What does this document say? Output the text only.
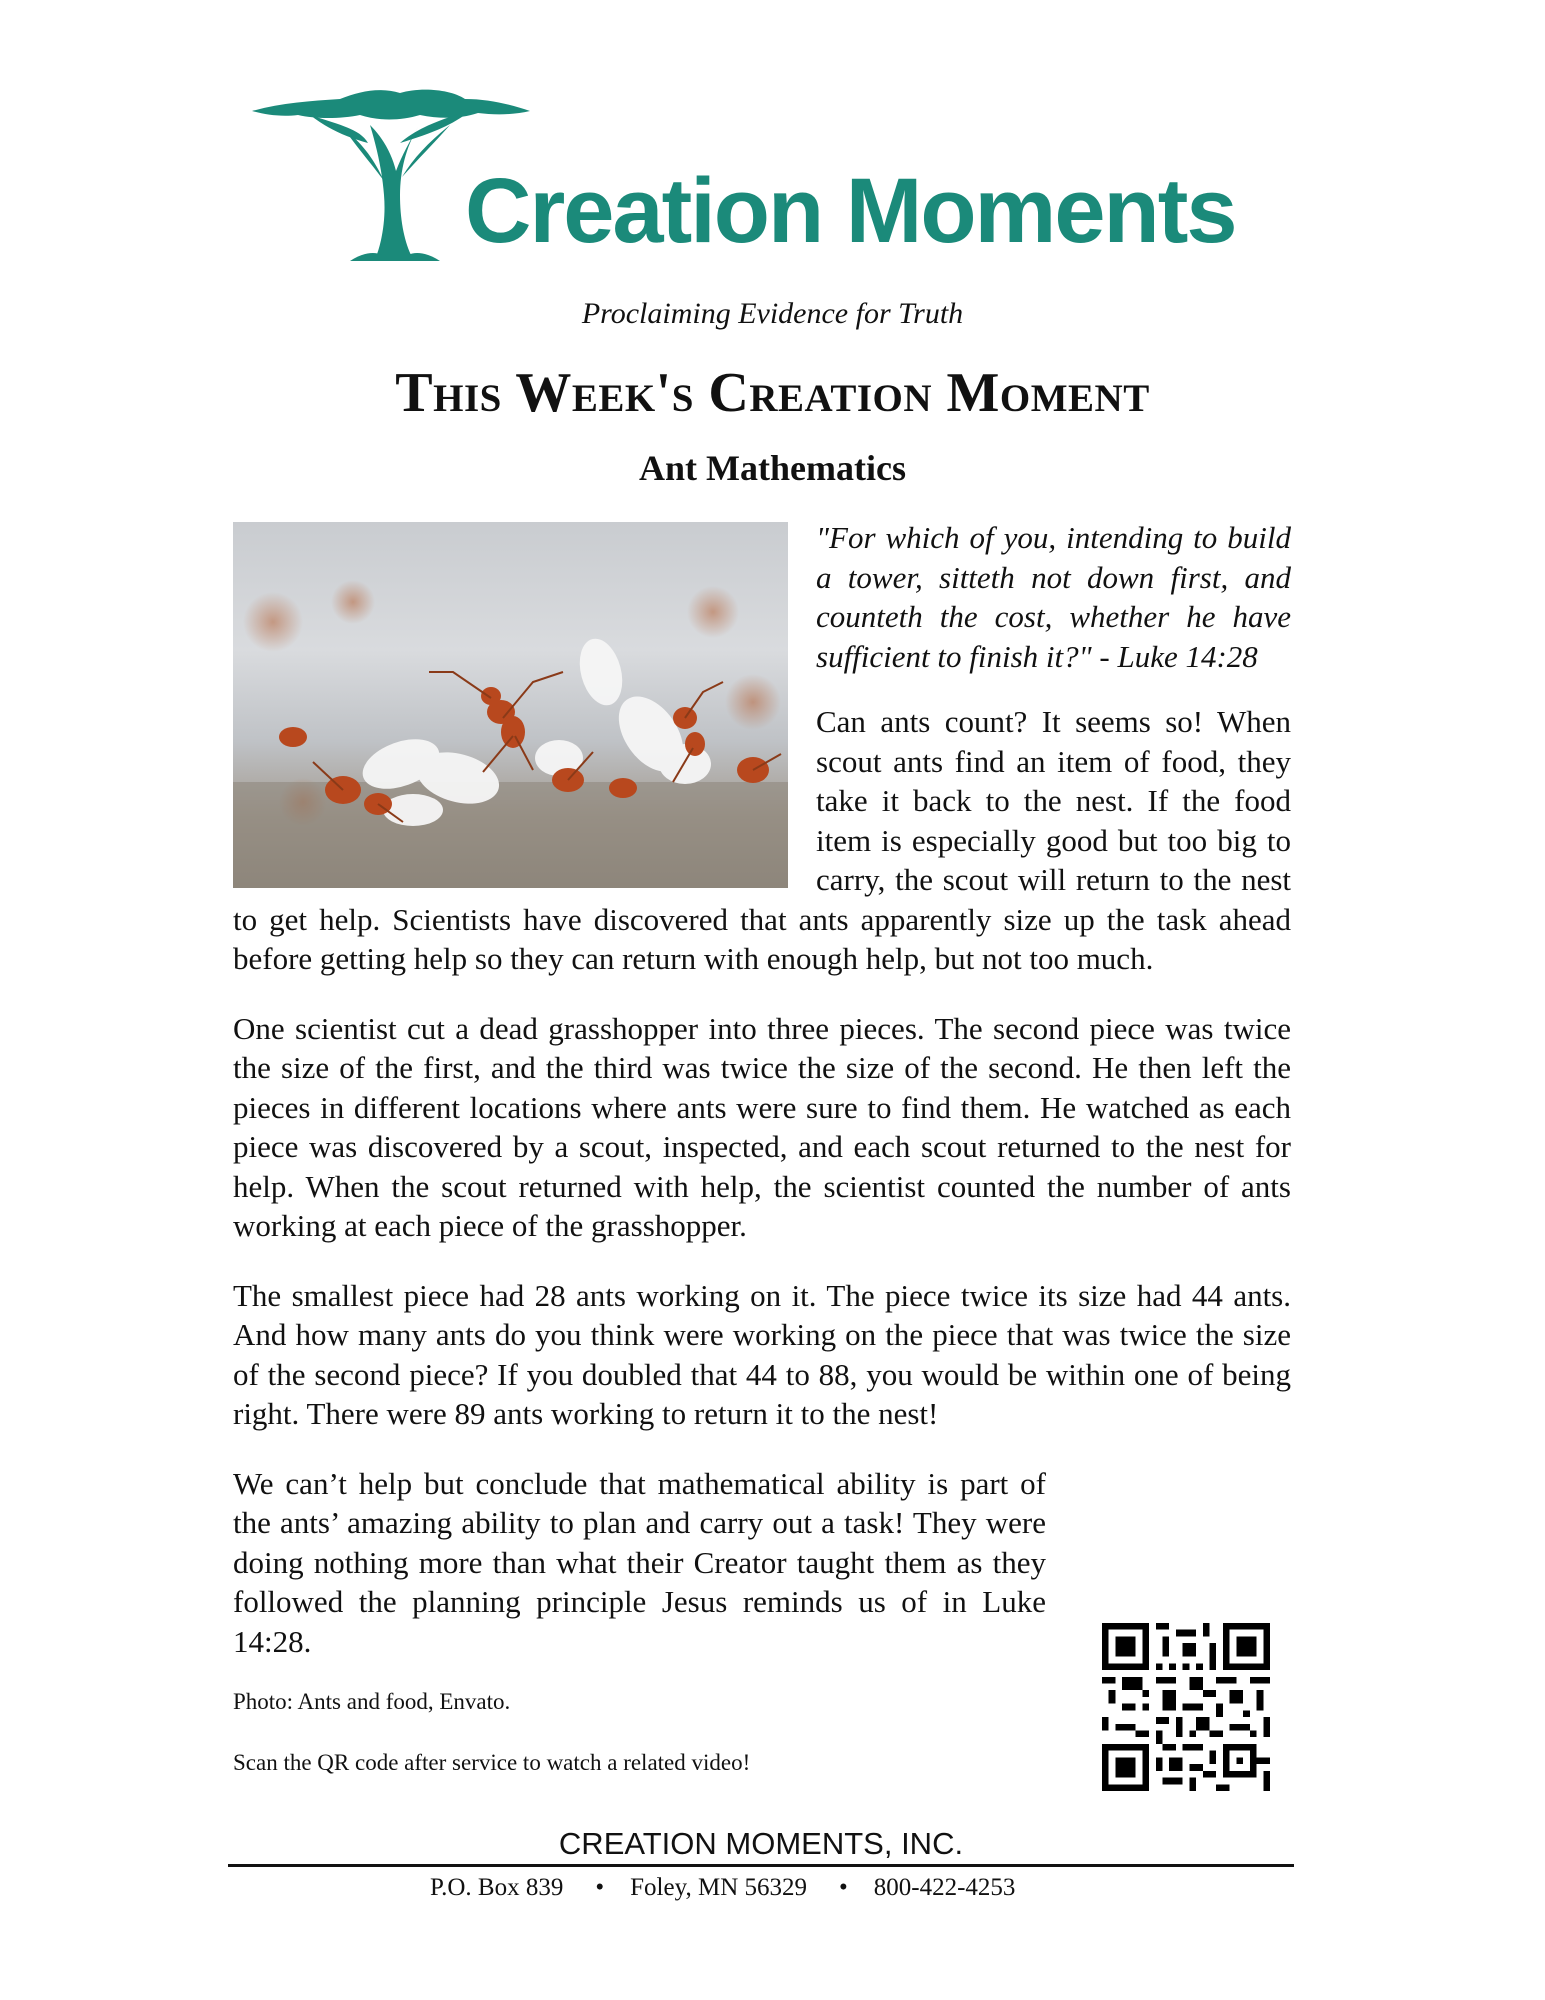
Creation Moments
Proclaiming Evidence for Truth
This Week's Creation Moment
Ant Mathematics

"For which of you, intending to build a tower, sitteth not down first, and counteth the cost, whether he have sufficient to finish it?" - Luke 14:28

Can ants count? It seems so! When scout ants find an item of food, they take it back to the nest. If the food item is especially good but too big to carry, the scout will return to the nest to get help. Scientists have discovered that ants apparently size up the task ahead before getting help so they can return with enough help, but not too much.

One scientist cut a dead grasshopper into three pieces. The second piece was twice the size of the first, and the third was twice the size of the second. He then left the pieces in different locations where ants were sure to find them. He watched as each piece was discovered by a scout, inspected, and each scout returned to the nest for help. When the scout returned with help, the scientist counted the number of ants working at each piece of the grasshopper.

The smallest piece had 28 ants working on it. The piece twice its size had 44 ants. And how many ants do you think were working on the piece that was twice the size of the second piece? If you doubled that 44 to 88, you would be within one of being right. There were 89 ants working to return it to the nest!

We can’t help but conclude that mathematical ability is part of the ants’ amazing ability to plan and carry out a task! They were doing nothing more than what their Creator taught them as they followed the planning principle Jesus reminds us of in Luke 14:28.

Photo: Ants and food, Envato.
Scan the QR code after service to watch a related video!
CREATION MOMENTS, INC.
P.O. Box 839 • Foley, MN 56329 • 800-422-4253
